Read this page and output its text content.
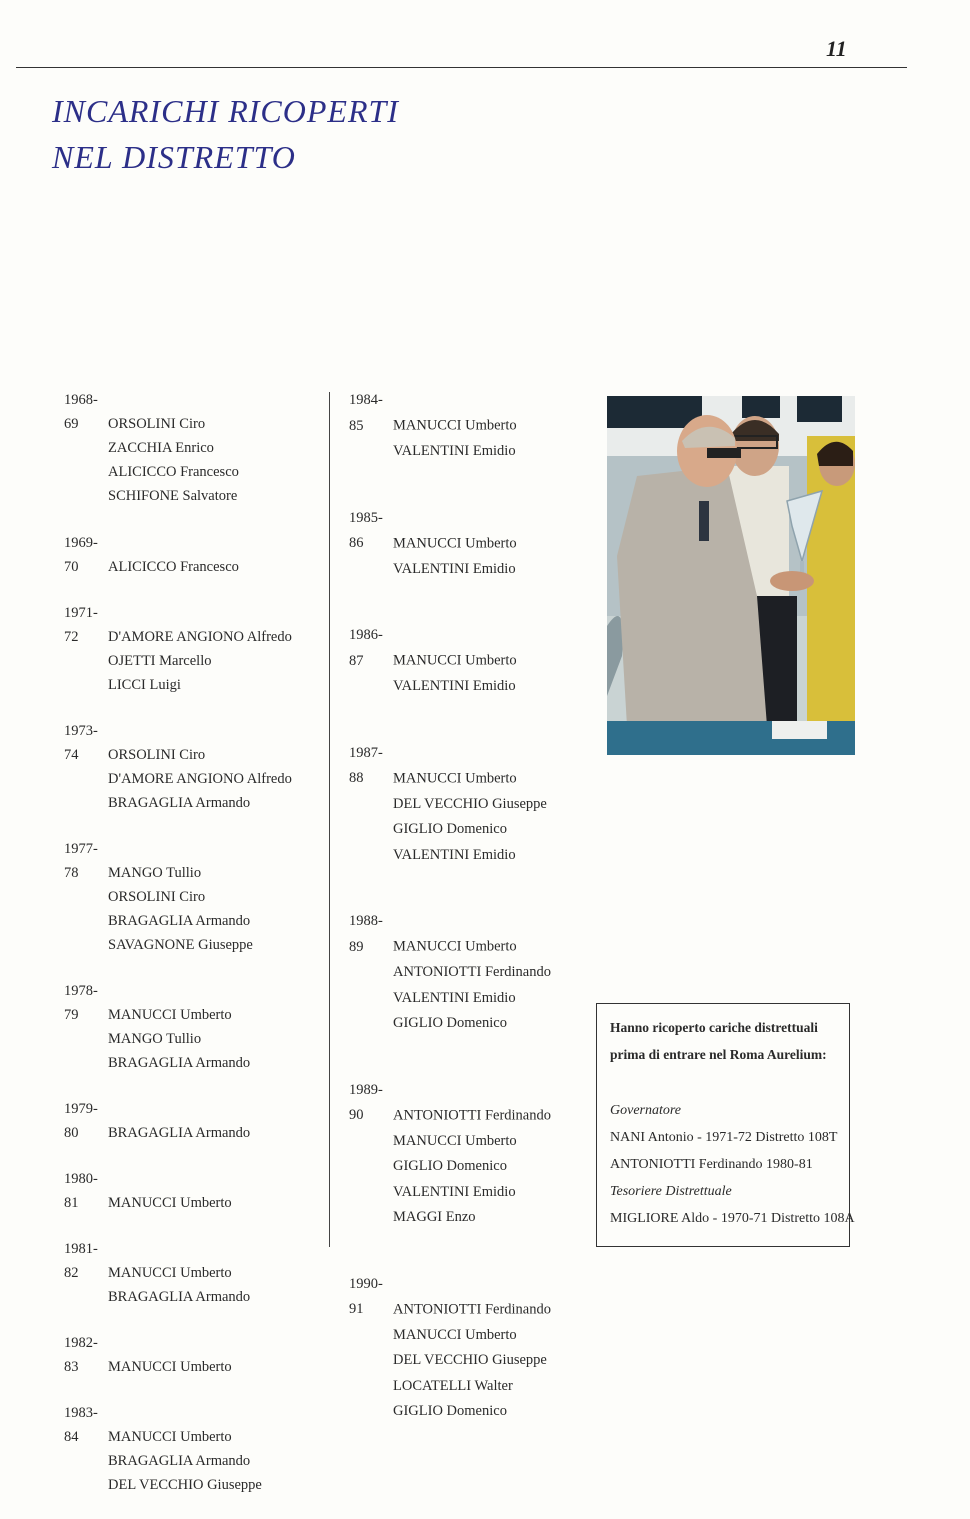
11
INCARICHI RICOPERTI
NEL DISTRETTO
1968-69 ORSOLINI Ciro
ZACCHIA Enrico
ALICICCO Francesco
SCHIFONE Salvatore
1969-70 ALICICCO Francesco
1971-72 D'AMORE ANGIONO Alfredo
OJETTI Marcello
LICCI Luigi
1973-74 ORSOLINI Ciro
D'AMORE ANGIONO Alfredo
BRAGAGLIA Armando
1977-78 MANGO Tullio
ORSOLINI Ciro
BRAGAGLIA Armando
SAVAGNONE Giuseppe
1978-79 MANUCCI Umberto
MANGO Tullio
BRAGAGLIA Armando
1979-80 BRAGAGLIA Armando
1980-81 MANUCCI Umberto
1981-82 MANUCCI Umberto
BRAGAGLIA Armando
1982-83 MANUCCI Umberto
1983-84 MANUCCI Umberto
BRAGAGLIA Armando
DEL VECCHIO Giuseppe
1984-85 MANUCCI Umberto
VALENTINI Emidio
1985-86 MANUCCI Umberto
VALENTINI Emidio
1986-87 MANUCCI Umberto
VALENTINI Emidio
1987-88 MANUCCI Umberto
DEL VECCHIO Giuseppe
GIGLIO Domenico
VALENTINI Emidio
1988-89 MANUCCI Umberto
ANTONIOTTI Ferdinando
VALENTINI Emidio
GIGLIO Domenico
1989-90 ANTONIOTTI Ferdinando
MANUCCI Umberto
GIGLIO Domenico
VALENTINI Emidio
MAGGI Enzo
1990-91 ANTONIOTTI Ferdinando
MANUCCI Umberto
DEL VECCHIO Giuseppe
LOCATELLI Walter
GIGLIO Domenico
Hanno ricoperto cariche distrettuali prima di entrare nel Roma Aurelium:
Governatore
NANI Antonio - 1971-72 Distretto 108T
ANTONIOTTI Ferdinando 1980-81
Tesoriere Distrettuale
MIGLIORE Aldo - 1970-71 Distretto 108A
